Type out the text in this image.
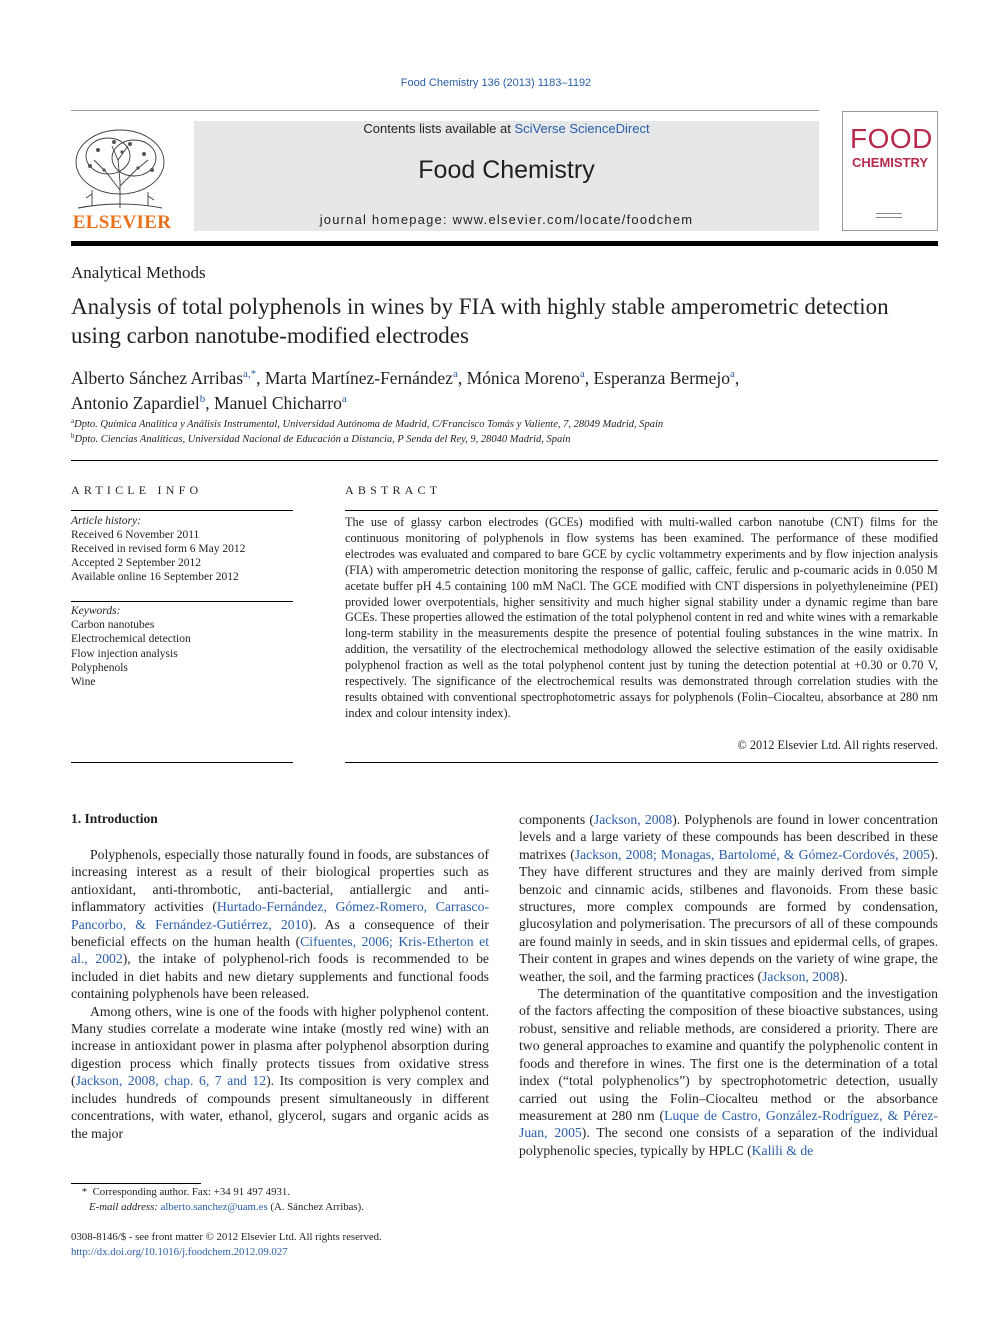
Food Chemistry 136 (2013) 1183–1192
ELSEVIER
Contents lists available at SciVerse ScienceDirect
Food Chemistry
journal homepage: www.elsevier.com/locate/foodchem
FOOD
CHEMISTRY
Analytical Methods
Analysis of total polyphenols in wines by FIA with highly stable amperometric detection using carbon nanotube-modified electrodes
Alberto Sánchez Arribas$^{a,*}$, Marta Martínez-Fernández$^a$, Mónica Moreno$^a$, Esperanza Bermejo$^a$,
Antonio Zapardiel$^b$, Manuel Chicharro$^a$
$^a$Dpto. Química Analítica y Análisis Instrumental, Universidad Autónoma de Madrid, C/Francisco Tomás y Valiente, 7, 28049 Madrid, Spain
$^b$Dpto. Ciencias Analíticas, Universidad Nacional de Educación a Distancia, P Senda del Rey, 9, 28040 Madrid, Spain
ARTICLE INFO	ABSTRACT
Article history:
Received 6 November 2011
Received in revised form 6 May 2012
Accepted 2 September 2012
Available online 16 September 2012
Keywords:
Carbon nanotubes
Electrochemical detection
Flow injection analysis
Polyphenols
Wine
The use of glassy carbon electrodes (GCEs) modified with multi-walled carbon nanotube (CNT) films for the continuous monitoring of polyphenols in flow systems has been examined. The performance of these modified electrodes was evaluated and compared to bare GCE by cyclic voltammetry experiments and by flow injection analysis (FIA) with amperometric detection monitoring the response of gallic, caffeic, ferulic and p-coumaric acids in 0.050 M acetate buffer pH 4.5 containing 100 mM NaCl. The GCE modified with CNT dispersions in polyethyleneimine (PEI) provided lower overpotentials, higher sensitivity and much higher signal stability under a dynamic regime than bare GCEs. These properties allowed the estimation of the total polyphenol content in red and white wines with a remarkable long-term stability in the measurements despite the presence of potential fouling substances in the wine matrix. In addition, the versatility of the electrochemical methodology allowed the selective estimation of the easily oxidisable polyphenol fraction as well as the total polyphenol content just by tuning the detection potential at +0.30 or 0.70 V, respectively. The significance of the electrochemical results was demonstrated through correlation studies with the results obtained with conventional spectrophotometric assays for polyphenols (Folin–Ciocalteu, absorbance at 280 nm index and colour intensity index).
© 2012 Elsevier Ltd. All rights reserved.
1. Introduction

Polyphenols, especially those naturally found in foods, are substances of increasing interest as a result of their biological properties such as antioxidant, anti-thrombotic, anti-bacterial, antiallergic and anti-inflammatory activities (Hurtado-Fernández, Gómez-Romero, Carrasco-Pancorbo, & Fernández-Gutiérrez, 2010). As a consequence of their beneficial effects on the human health (Cifuentes, 2006; Kris-Etherton et al., 2002), the intake of polyphenol-rich foods is recommended to be included in diet habits and new dietary supplements and functional foods containing polyphenols have been released.

Among others, wine is one of the foods with higher polyphenol content. Many studies correlate a moderate wine intake (mostly red wine) with an increase in antioxidant power in plasma after polyphenol absorption during digestion process which finally protects tissues from oxidative stress (Jackson, 2008, chap. 6, 7 and 12). Its composition is very complex and includes hundreds of compounds present simultaneously in different concentrations, with water, ethanol, glycerol, sugars and organic acids as the major

components (Jackson, 2008). Polyphenols are found in lower concentration levels and a large variety of these compounds has been described in these matrixes (Jackson, 2008; Monagas, Bartolomé, & Gómez-Cordovés, 2005). They have different structures and they are mainly derived from simple benzoic and cinnamic acids, stilbenes and flavonoids. From these basic structures, more complex compounds are formed by condensation, glucosylation and polymerisation. The precursors of all of these compounds are found mainly in seeds, and in skin tissues and epidermal cells, of grapes. Their content in grapes and wines depends on the variety of wine grape, the weather, the soil, and the farming practices (Jackson, 2008).

The determination of the quantitative composition and the investigation of the factors affecting the composition of these bioactive substances, using robust, sensitive and reliable methods, are considered a priority. There are two general approaches to examine and quantify the polyphenolic content in foods and therefore in wines. The first one is the determination of a total index (“total polyphenolics”) by spectrophotometric detection, usually carried out using the Folin–Ciocalteu method or the absorbance measurement at 280 nm (Luque de Castro, González-Rodríguez, & Pérez-Juan, 2005). The second one consists of a separation of the individual polyphenolic species, typically by HPLC (Kalili & de

*  Corresponding author. Fax: +34 91 497 4931.
E-mail address: alberto.sanchez@uam.es (A. Sánchez Arribas).
0308-8146/$ - see front matter © 2012 Elsevier Ltd. All rights reserved.
http://dx.doi.org/10.1016/j.foodchem.2012.09.027
